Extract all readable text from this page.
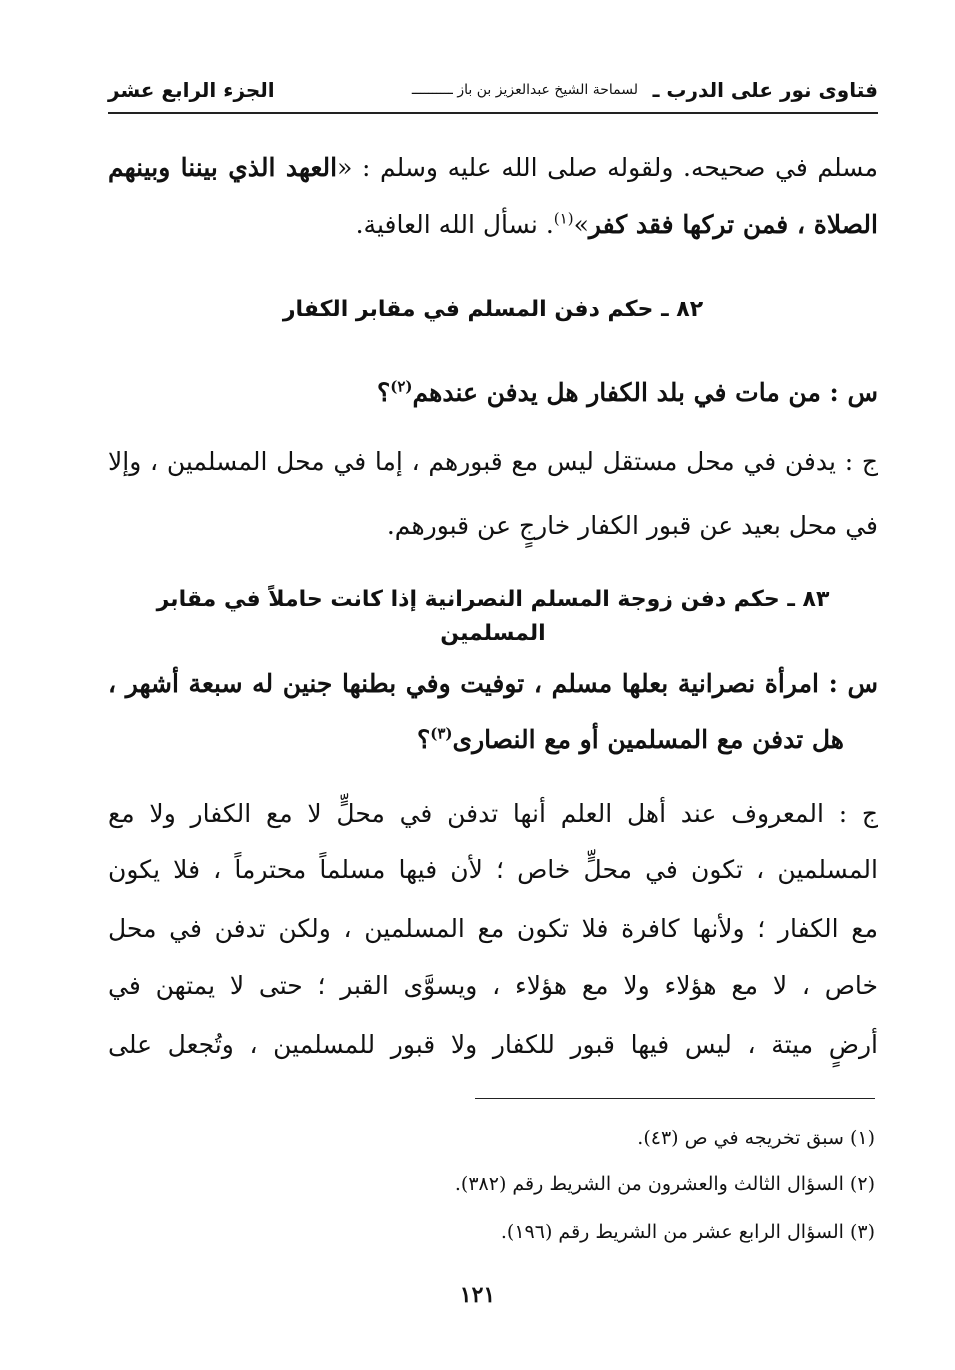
فتاوى نور على الدرب ـ
لسماحة الشيخ عبدالعزيز بن باز ــــــــــ
الجزء الرابع عشر
مسلم في صحيحه. ولقوله صلى الله عليه وسلم : «العهد الذي بيننا وبينهم
الصلاة ، فمن تركها فقد كفر»$^{(١)}$. نسأل الله العافية.
٨٢ ـ حكم دفن المسلم في مقابر الكفار
س : من مات في بلد الكفار هل يدفن عندهم$^{(٢)}$؟
ج : يدفن في محل مستقل ليس مع قبورهم ، إما في محل المسلمين ، وإلا
في محل بعيد عن قبور الكفار خارجٍ عن قبورهم.
٨٣ ـ حكم دفن زوجة المسلم النصرانية إذا كانت حاملاً في مقابر المسلمين
س : امرأة نصرانية بعلها مسلم ، توفيت وفي بطنها جنين له سبعة أشهر ،
هل تدفن مع المسلمين أو مع النصارى$^{(٣)}$؟
ج : المعروف عند أهل العلم أنها تدفن في محلٍّ لا مع الكفار ولا مع
المسلمين ، تكون في محلٍّ خاص ؛ لأن فيها مسلماً محترماً ، فلا يكون
مع الكفار ؛ ولأنها كافرة فلا تكون مع المسلمين ، ولكن تدفن في محل
خاص ، لا مع هؤلاء ولا مع هؤلاء ، ويسوَّى القبر ؛ حتى لا يمتهن في
أرضٍ ميتة ، ليس فيها قبور للكفار ولا قبور للمسلمين ، وتُجعل على
(١) سبق تخريجه في ص (٤٣).
(٢) السؤال الثالث والعشرون من الشريط رقم (٣٨٢).
(٣) السؤال الرابع عشر من الشريط رقم (١٩٦).
١٢١
